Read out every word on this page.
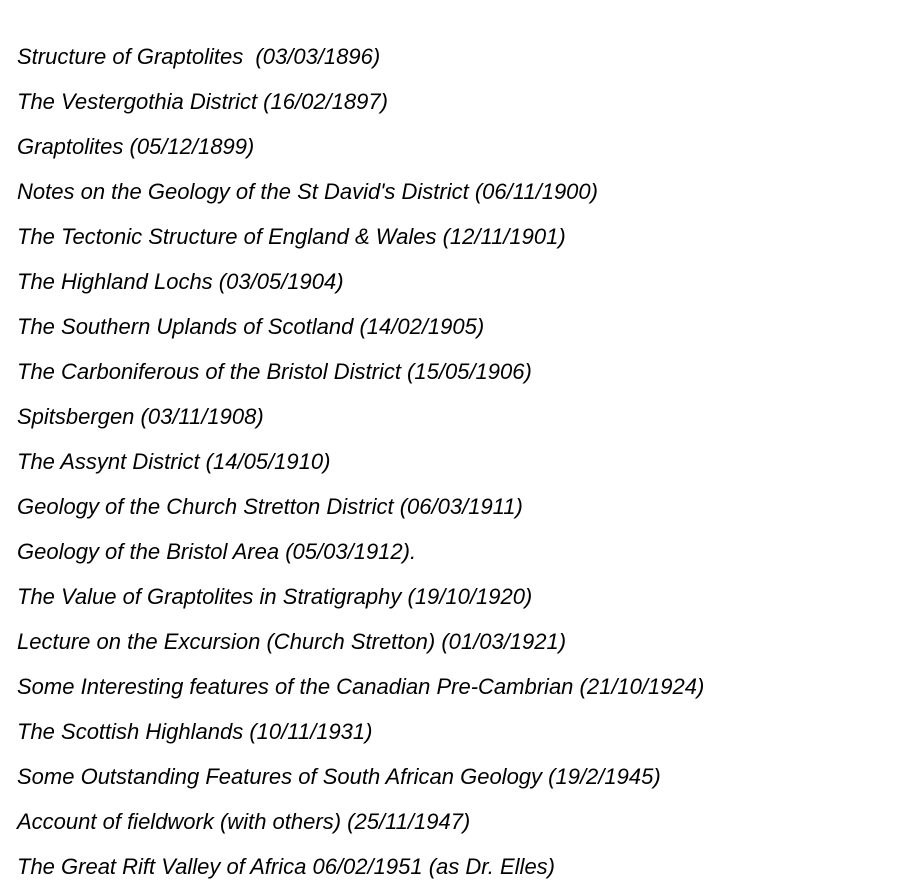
Structure of Graptolites  (03/03/1896)
The Vestergothia District (16/02/1897)
Graptolites (05/12/1899)
Notes on the Geology of the St David's District (06/11/1900)
The Tectonic Structure of England & Wales (12/11/1901)
The Highland Lochs (03/05/1904)
The Southern Uplands of Scotland (14/02/1905)
The Carboniferous of the Bristol District (15/05/1906)
Spitsbergen (03/11/1908)
The Assynt District (14/05/1910)
Geology of the Church Stretton District (06/03/1911)
Geology of the Bristol Area (05/03/1912).
The Value of Graptolites in Stratigraphy (19/10/1920)
Lecture on the Excursion (Church Stretton) (01/03/1921)
Some Interesting features of the Canadian Pre-Cambrian (21/10/1924)
The Scottish Highlands (10/11/1931)
Some Outstanding Features of South African Geology (19/2/1945)
Account of fieldwork (with others) (25/11/1947)
The Great Rift Valley of Africa 06/02/1951 (as Dr. Elles)
